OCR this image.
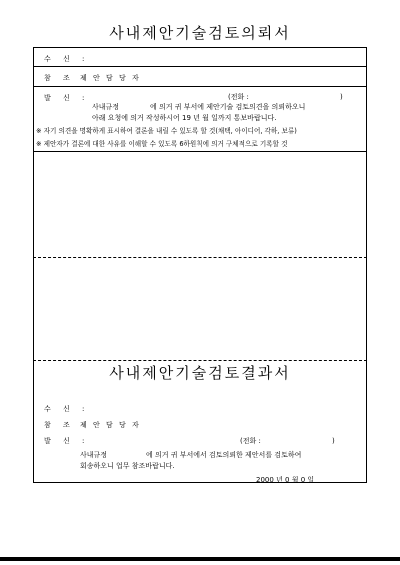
사내제안기술검토의뢰서
수 신 :
참 조 :
제 안 담 당 자
발 신 :	(전화 :	)
사내규정	에 의거 귀 부서에 제안기술 검토의견을 의뢰하오니
아래 요청에 의거 작성하시어 19 년 월 일까지 통보바랍니다.
※ 자기 의견을 명확하게 표시하여 결론을 내릴 수 있도록 할 것(채택, 아이디어, 각하, 보류)
※ 제안자가 결론에 대한 사유를 이해할 수 있도록 6하원칙에 의거 구체적으로 기록할 것
사내제안기술검토결과서
수 신 :
참 조 :
제 안 담 당 자
발 신 :	(전화 :	)
사내규정	에 의거 귀 부서에서 검토의뢰한 제안서를 검토하여
회송하오니 업무 참조바랍니다.
2000 년 0 월 0 일
